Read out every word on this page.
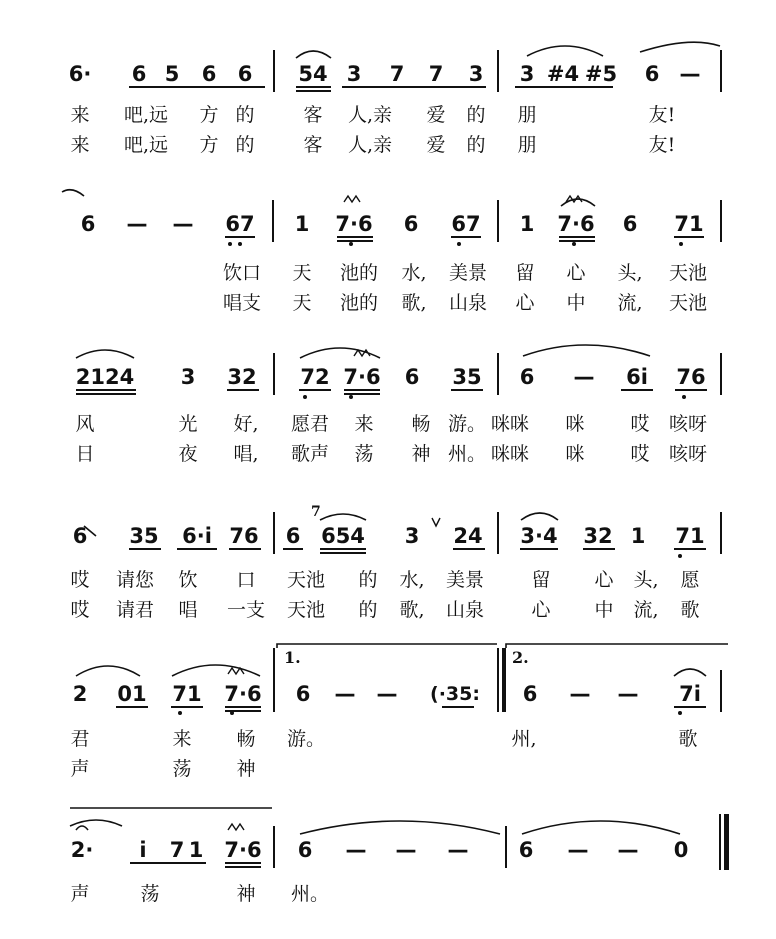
6· 6 5 6 6 54 3 7 7 3 3 #4 #5 6 —
来 吧,远 方 的	客 人,亲 爱 的 朋	友!
来 吧,远 方 的	客 人,亲 爱 的 朋	友!
6 — — 67 1 7·6 6 67 1 7·6 6 71
饮口 天 池的 水, 美景 留 心 头, 天池
唱支 天 池的 歌, 山泉 心 中 流, 天池
2124 3 32 72 7·6 6 35 6 — 6i 76
风	光 好, 愿君 来 畅 游。 咪咪 咪 哎 咳呀
日	夜 唱, 歌声 荡 神 州。 咪咪 咪 哎 咳呀
6 35 6·i 76 6 654 3 24 3·4 32 1 71
7
哎 请您 饮 口 天池 的 水, 美景 留 心 头, 愿
哎 请君 唱 一支 天池 的 歌, 山泉 心 中 流, 歌
1.	2.
2 01 71 7·6 6 — — (·35: 6 — — 7i
君	来 畅 游。	州,	歌
声	荡 神
2· i 7 1 7·6 6 — — — 6 — — 0
声	荡	神 州。
